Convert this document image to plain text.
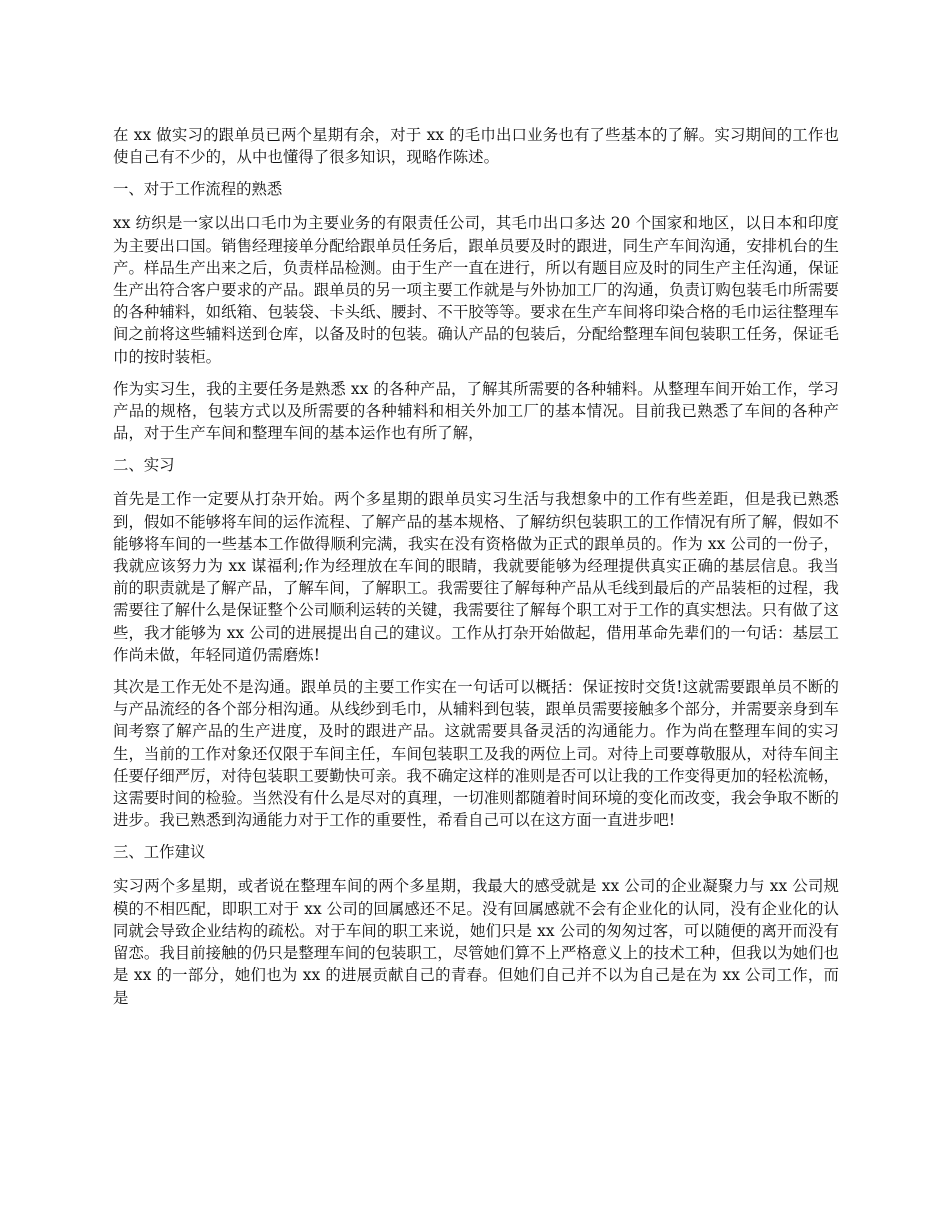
在 xx 做实习的跟单员已两个星期有余，对于 xx 的毛巾出口业务也有了些基本的了解。实习期间的工作也使自己有不少的，从中也懂得了很多知识，现略作陈述。

一、对于工作流程的熟悉

xx 纺织是一家以出口毛巾为主要业务的有限责任公司，其毛巾出口多达 20 个国家和地区，以日本和印度为主要出口国。销售经理接单分配给跟单员任务后，跟单员要及时的跟进，同生产车间沟通，安排机台的生产。样品生产出来之后，负责样品检测。由于生产一直在进行，所以有题目应及时的同生产主任沟通，保证生产出符合客户要求的产品。跟单员的另一项主要工作就是与外协加工厂的沟通，负责订购包装毛巾所需要的各种辅料，如纸箱、包装袋、卡头纸、腰封、不干胶等等。要求在生产车间将印染合格的毛巾运往整理车间之前将这些辅料送到仓库，以备及时的包装。确认产品的包装后，分配给整理车间包装职工任务，保证毛巾的按时装柜。

作为实习生，我的主要任务是熟悉 xx 的各种产品，了解其所需要的各种辅料。从整理车间开始工作，学习产品的规格，包装方式以及所需要的各种辅料和相关外加工厂的基本情况。目前我已熟悉了车间的各种产品，对于生产车间和整理车间的基本运作也有所了解，

二、实习

首先是工作一定要从打杂开始。两个多星期的跟单员实习生活与我想象中的工作有些差距，但是我已熟悉到，假如不能够将车间的运作流程、了解产品的基本规格、了解纺织包装职工的工作情况有所了解，假如不能够将车间的一些基本工作做得顺利完满，我实在没有资格做为正式的跟单员的。作为 xx 公司的一份子，我就应该努力为 xx 谋福利;作为经理放在车间的眼睛，我就要能够为经理提供真实正确的基层信息。我当前的职责就是了解产品，了解车间，了解职工。我需要往了解每种产品从毛线到最后的产品装柜的过程，我需要往了解什么是保证整个公司顺利运转的关键，我需要往了解每个职工对于工作的真实想法。只有做了这些，我才能够为 xx 公司的进展提出自己的建议。工作从打杂开始做起，借用革命先辈们的一句话：基层工作尚未做，年轻同道仍需磨炼!

其次是工作无处不是沟通。跟单员的主要工作实在一句话可以概括：保证按时交货!这就需要跟单员不断的与产品流经的各个部分相沟通。从线纱到毛巾，从辅料到包装，跟单员需要接触多个部分，并需要亲身到车间考察了解产品的生产进度，及时的跟进产品。这就需要具备灵活的沟通能力。作为尚在整理车间的实习生，当前的工作对象还仅限于车间主任，车间包装职工及我的两位上司。对待上司要尊敬服从，对待车间主任要仔细严厉，对待包装职工要勤快可亲。我不确定这样的准则是否可以让我的工作变得更加的轻松流畅，这需要时间的检验。当然没有什么是尽对的真理，一切准则都随着时间环境的变化而改变，我会争取不断的进步。我已熟悉到沟通能力对于工作的重要性，希看自己可以在这方面一直进步吧!

三、工作建议

实习两个多星期，或者说在整理车间的两个多星期，我最大的感受就是 xx 公司的企业凝聚力与 xx 公司规模的不相匹配，即职工对于 xx 公司的回属感还不足。没有回属感就不会有企业化的认同，没有企业化的认同就会导致企业结构的疏松。对于车间的职工来说，她们只是 xx 公司的匆匆过客，可以随便的离开而没有留恋。我目前接触的仍只是整理车间的包装职工，尽管她们算不上严格意义上的技术工种，但我以为她们也是 xx 的一部分，她们也为 xx 的进展贡献自己的青春。但她们自己并不以为自己是在为 xx 公司工作，而是
